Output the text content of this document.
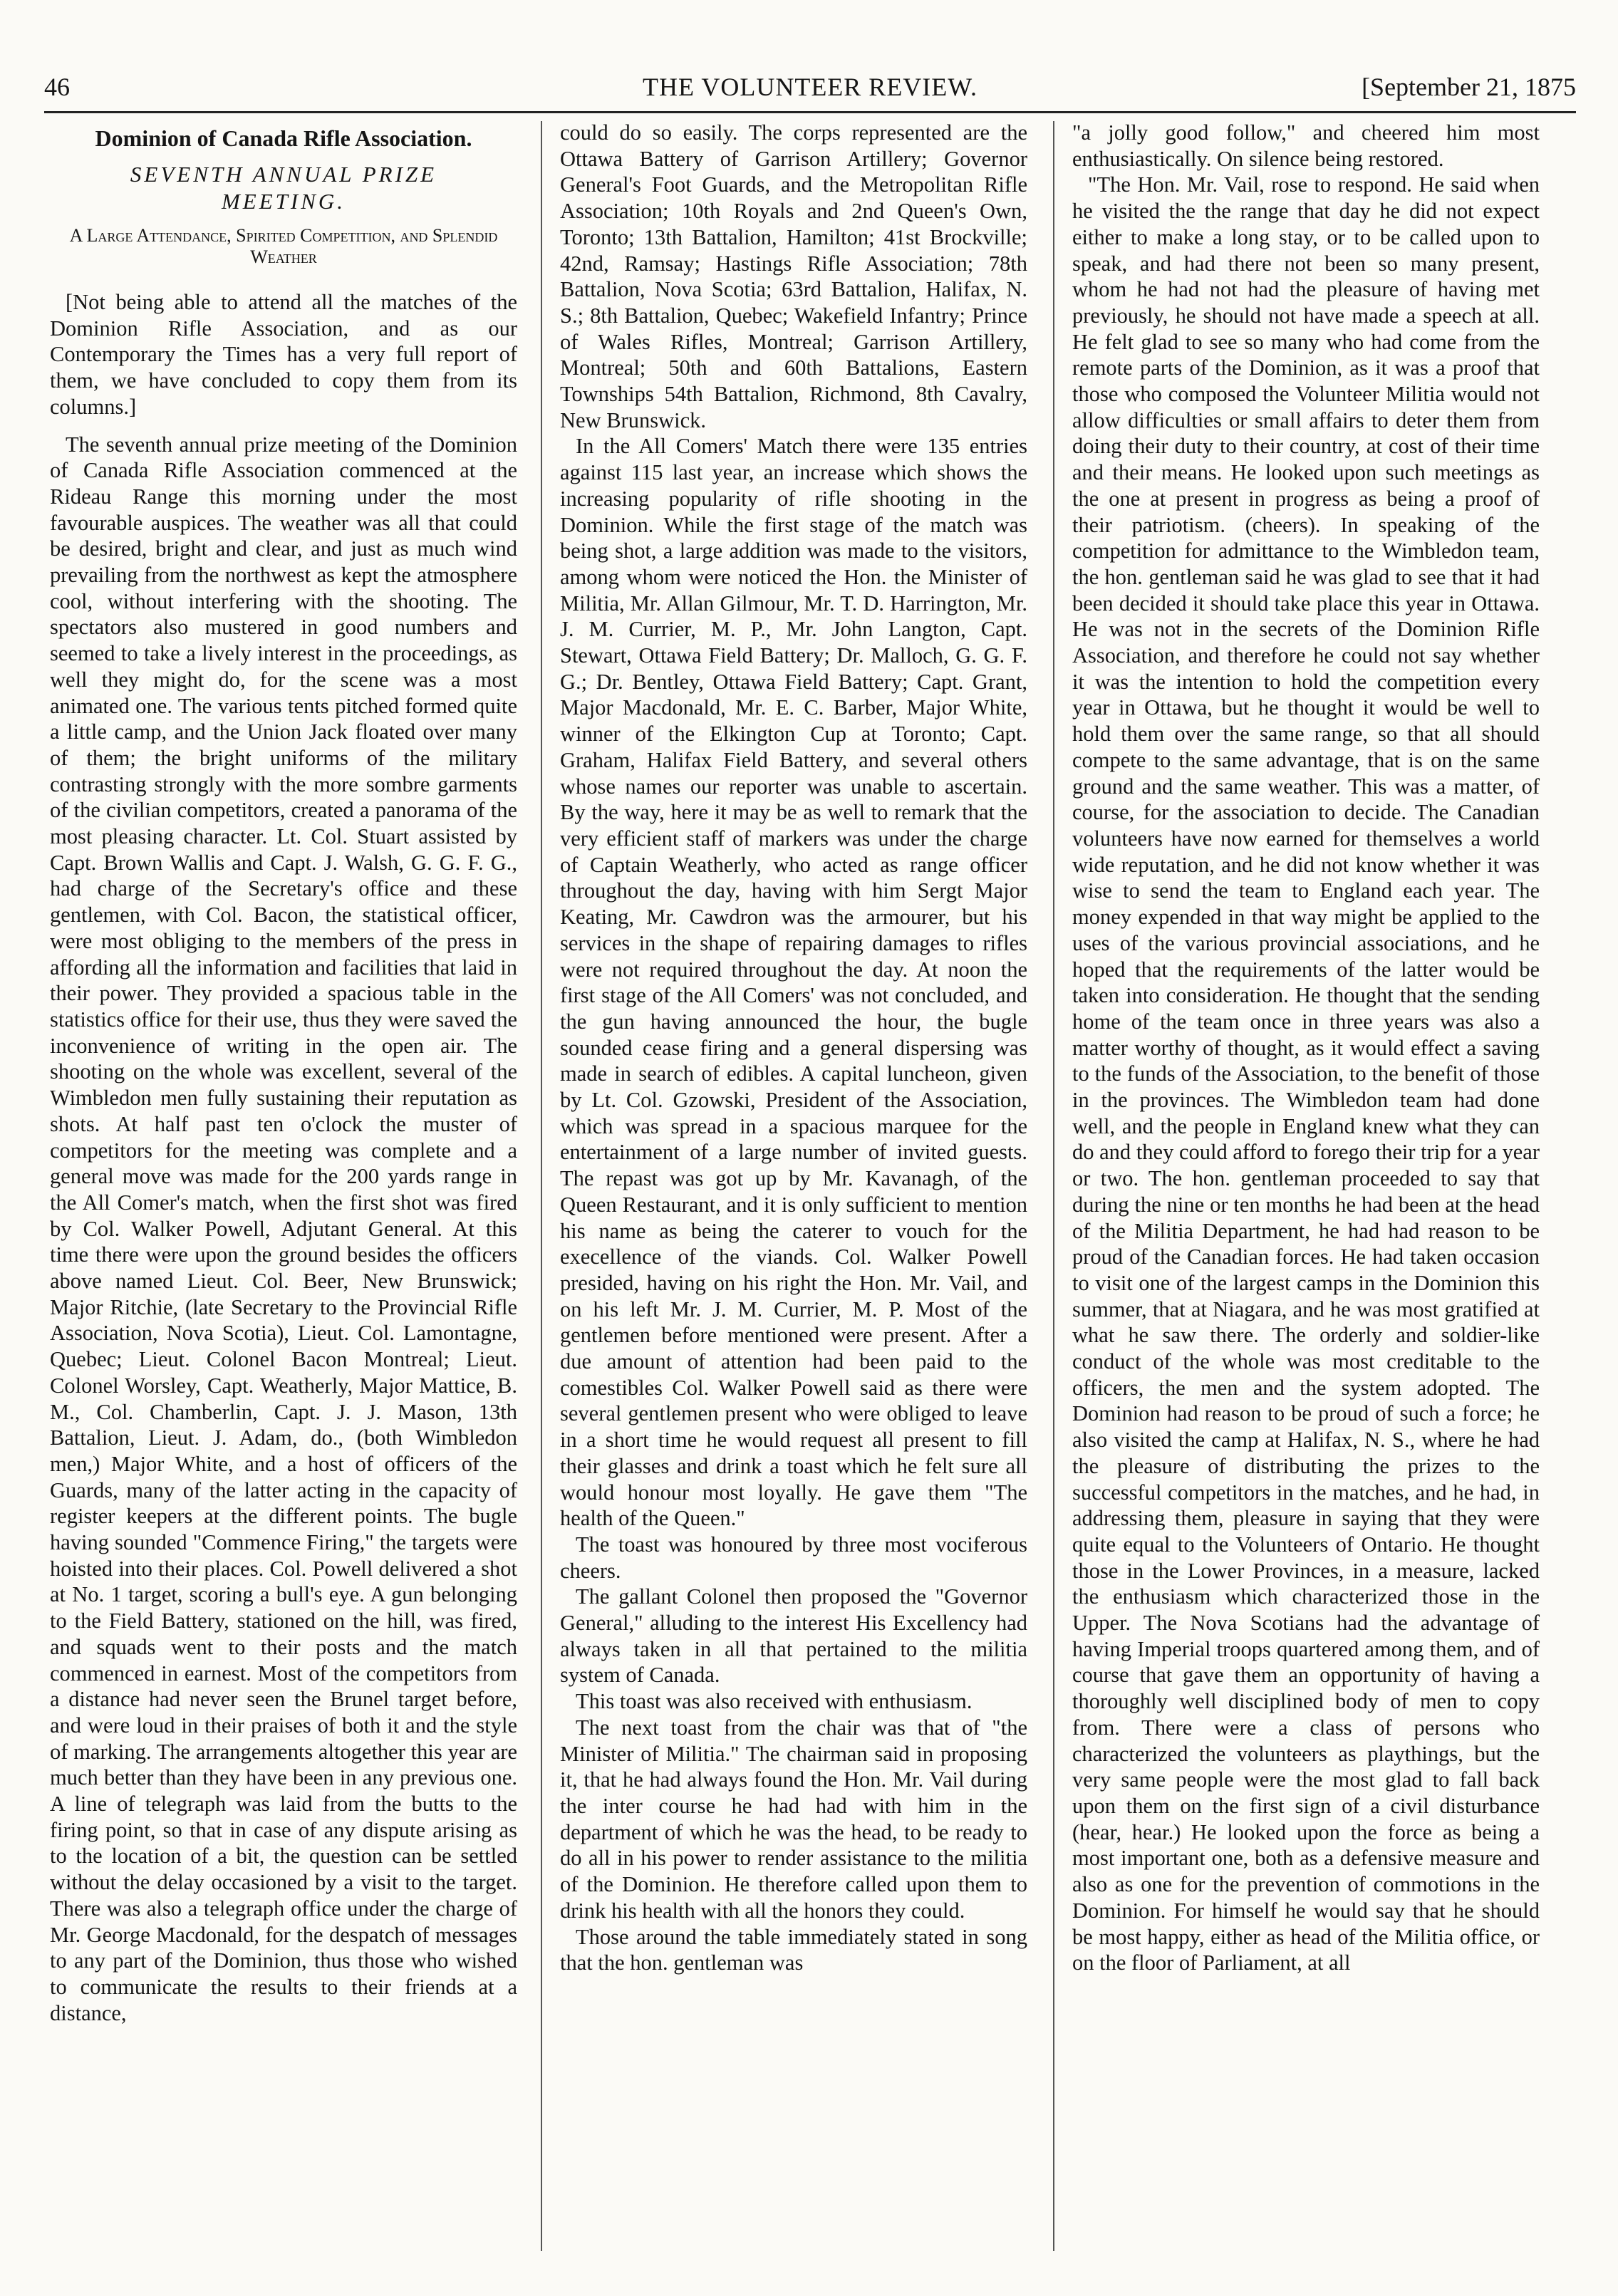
46	THE VOLUNTEER REVIEW.	[September 21, 1875
Dominion of Canada Rifle Association.
SEVENTH ANNUAL PRIZE MEETING.
A Large Attendance, Spirited Competition, and Splendid Weather

[Not being able to attend all the matches of the Dominion Rifle Association, and as our Contemporary the Times has a very full report of them, we have concluded to copy them from its columns.]

The seventh annual prize meeting of the Dominion of Canada Rifle Association commenced at the Rideau Range this morning under the most favourable auspices. The weather was all that could be desired, bright and clear, and just as much wind prevailing from the northwest as kept the atmosphere cool, without interfering with the shooting. The spectators also mustered in good numbers and seemed to take a lively interest in the proceedings, as well they might do, for the scene was a most animated one. The various tents pitched formed quite a little camp, and the Union Jack floated over many of them; the bright uniforms of the military contrasting strongly with the more sombre garments of the civilian competitors, created a panorama of the most pleasing character. Lt. Col. Stuart assisted by Capt. Brown Wallis and Capt. J. Walsh, G. G. F. G., had charge of the Secretary's office and these gentlemen, with Col. Bacon, the statistical officer, were most obliging to the members of the press in affording all the information and facilities that laid in their power. They provided a spacious table in the statistics office for their use, thus they were saved the inconvenience of writing in the open air. The shooting on the whole was excellent, several of the Wimbledon men fully sustaining their reputation as shots. At half past ten o'clock the muster of competitors for the meeting was complete and a general move was made for the 200 yards range in the All Comer's match, when the first shot was fired by Col. Walker Powell, Adjutant General. At this time there were upon the ground besides the officers above named Lieut. Col. Beer, New Brunswick; Major Ritchie, (late Secretary to the Provincial Rifle Association, Nova Scotia), Lieut. Col. Lamontagne, Quebec; Lieut. Colonel Bacon Montreal; Lieut. Colonel Worsley, Capt. Weatherly, Major Mattice, B. M., Col. Chamberlin, Capt. J. J. Mason, 13th Battalion, Lieut. J. Adam, do., (both Wimbledon men,) Major White, and a host of officers of the Guards, many of the latter acting in the capacity of register keepers at the different points. The bugle having sounded "Commence Firing," the targets were hoisted into their places. Col. Powell delivered a shot at No. 1 target, scoring a bull's eye. A gun belonging to the Field Battery, stationed on the hill, was fired, and squads went to their posts and the match commenced in earnest. Most of the competitors from a distance had never seen the Brunel target before, and were loud in their praises of both it and the style of marking. The arrangements altogether this year are much better than they have been in any previous one. A line of telegraph was laid from the butts to the firing point, so that in case of any dispute arising as to the location of a bit, the question can be settled without the delay occasioned by a visit to the target. There was also a telegraph office under the charge of Mr. George Macdonald, for the despatch of messages to any part of the Dominion, thus those who wished to communicate the results to their friends at a distance,

could do so easily. The corps represented are the Ottawa Battery of Garrison Artillery; Governor General's Foot Guards, and the Metropolitan Rifle Association; 10th Royals and 2nd Queen's Own, Toronto; 13th Battalion, Hamilton; 41st Brockville; 42nd, Ramsay; Hastings Rifle Association; 78th Battalion, Nova Scotia; 63rd Battalion, Halifax, N. S.; 8th Battalion, Quebec; Wakefield Infantry; Prince of Wales Rifles, Montreal; Garrison Artillery, Montreal; 50th and 60th Battalions, Eastern Townships 54th Battalion, Richmond, 8th Cavalry, New Brunswick.

In the All Comers' Match there were 135 entries against 115 last year, an increase which shows the increasing popularity of rifle shooting in the Dominion. While the first stage of the match was being shot, a large addition was made to the visitors, among whom were noticed the Hon. the Minister of Militia, Mr. Allan Gilmour, Mr. T. D. Harrington, Mr. J. M. Currier, M. P., Mr. John Langton, Capt. Stewart, Ottawa Field Battery; Dr. Malloch, G. G. F. G.; Dr. Bentley, Ottawa Field Battery; Capt. Grant, Major Macdonald, Mr. E. C. Barber, Major White, winner of the Elkington Cup at Toronto; Capt. Graham, Halifax Field Battery, and several others whose names our reporter was unable to ascertain. By the way, here it may be as well to remark that the very efficient staff of markers was under the charge of Captain Weatherly, who acted as range officer throughout the day, having with him Sergt Major Keating, Mr. Cawdron was the armourer, but his services in the shape of repairing damages to rifles were not required throughout the day. At noon the first stage of the All Comers' was not concluded, and the gun having announced the hour, the bugle sounded cease firing and a general dispersing was made in search of edibles. A capital luncheon, given by Lt. Col. Gzowski, President of the Association, which was spread in a spacious marquee for the entertainment of a large number of invited guests. The repast was got up by Mr. Kavanagh, of the Queen Restaurant, and it is only sufficient to mention his name as being the caterer to vouch for the execellence of the viands. Col. Walker Powell presided, having on his right the Hon. Mr. Vail, and on his left Mr. J. M. Currier, M. P. Most of the gentlemen before mentioned were present. After a due amount of attention had been paid to the comestibles Col. Walker Powell said as there were several gentlemen present who were obliged to leave in a short time he would request all present to fill their glasses and drink a toast which he felt sure all would honour most loyally. He gave them "The health of the Queen."

The toast was honoured by three most vociferous cheers.

The gallant Colonel then proposed the "Governor General," alluding to the interest His Excellency had always taken in all that pertained to the militia system of Canada.

This toast was also received with enthusiasm.

The next toast from the chair was that of "the Minister of Militia." The chairman said in proposing it, that he had always found the Hon. Mr. Vail during the inter course he had had with him in the department of which he was the head, to be ready to do all in his power to render assistance to the militia of the Dominion. He therefore called upon them to drink his health with all the honors they could.

Those around the table immediately stated in song that the hon. gentleman was

"a jolly good follow," and cheered him most enthusiastically. On silence being restored.

"The Hon. Mr. Vail, rose to respond. He said when he visited the the range that day he did not expect either to make a long stay, or to be called upon to speak, and had there not been so many present, whom he had not had the pleasure of having met previously, he should not have made a speech at all. He felt glad to see so many who had come from the remote parts of the Dominion, as it was a proof that those who composed the Volunteer Militia would not allow difficulties or small affairs to deter them from doing their duty to their country, at cost of their time and their means. He looked upon such meetings as the one at present in progress as being a proof of their patriotism. (cheers). In speaking of the competition for admittance to the Wimbledon team, the hon. gentleman said he was glad to see that it had been decided it should take place this year in Ottawa. He was not in the secrets of the Dominion Rifle Association, and therefore he could not say whether it was the intention to hold the competition every year in Ottawa, but he thought it would be well to hold them over the same range, so that all should compete to the same advantage, that is on the same ground and the same weather. This was a matter, of course, for the association to decide. The Canadian volunteers have now earned for themselves a world wide reputation, and he did not know whether it was wise to send the team to England each year. The money expended in that way might be applied to the uses of the various provincial associations, and he hoped that the requirements of the latter would be taken into consideration. He thought that the sending home of the team once in three years was also a matter worthy of thought, as it would effect a saving to the funds of the Association, to the benefit of those in the provinces. The Wimbledon team had done well, and the people in England knew what they can do and they could afford to forego their trip for a year or two. The hon. gentleman proceeded to say that during the nine or ten months he had been at the head of the Militia Department, he had had reason to be proud of the Canadian forces. He had taken occasion to visit one of the largest camps in the Dominion this summer, that at Niagara, and he was most gratified at what he saw there. The orderly and soldier-like conduct of the whole was most creditable to the officers, the men and the system adopted. The Dominion had reason to be proud of such a force; he also visited the camp at Halifax, N. S., where he had the pleasure of distributing the prizes to the successful competitors in the matches, and he had, in addressing them, pleasure in saying that they were quite equal to the Volunteers of Ontario. He thought those in the Lower Provinces, in a measure, lacked the enthusiasm which characterized those in the Upper. The Nova Scotians had the advantage of having Imperial troops quartered among them, and of course that gave them an opportunity of having a thoroughly well disciplined body of men to copy from. There were a class of persons who characterized the volunteers as playthings, but the very same people were the most glad to fall back upon them on the first sign of a civil disturbance (hear, hear.) He looked upon the force as being a most important one, both as a defensive measure and also as one for the prevention of commotions in the Dominion. For himself he would say that he should be most happy, either as head of the Militia office, or on the floor of Parliament, at all
